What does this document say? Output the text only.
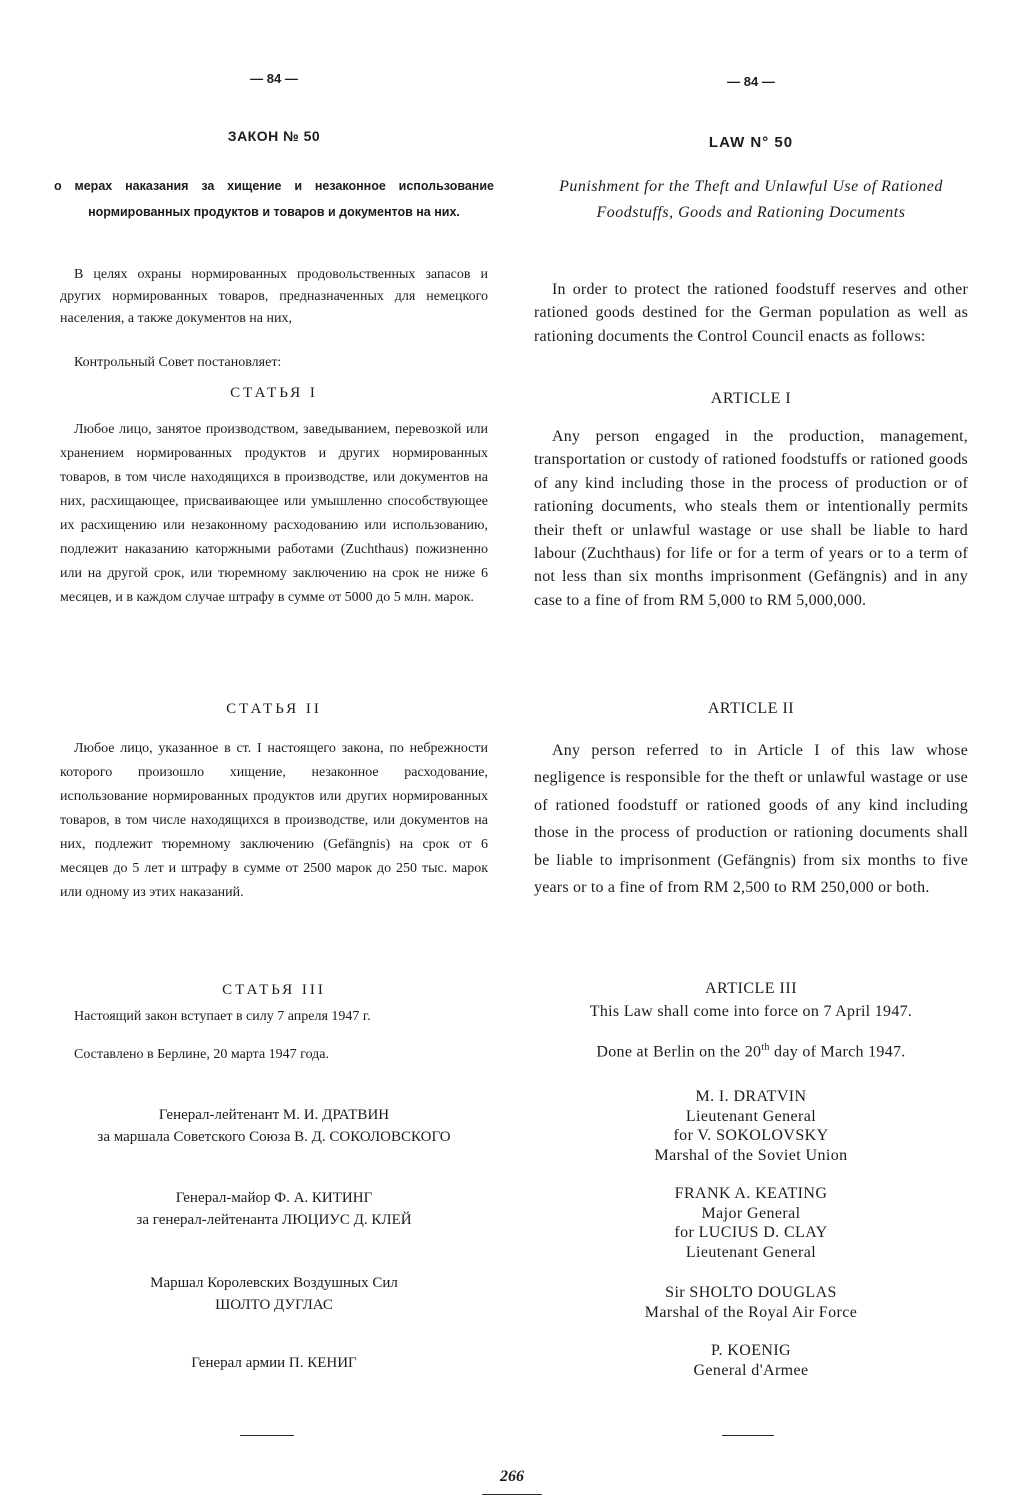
— 84 —
ЗАКОН № 50
о мерах наказания за хищение и незаконное использование нормированных продуктов и товаров и документов на них.
В целях охраны нормированных продовольственных запасов и других нормированных товаров, предназначенных для немецкого населения, а также документов на них,
Контрольный Совет постановляет:
СТАТЬЯ I
Любое лицо, занятое производством, заведыванием, перевозкой или хранением нормированных продуктов и других нормированных товаров, в том числе находящихся в производстве, или документов на них, расхищающее, присваивающее или умышленно способствующее их расхищению или незаконному расходованию или использованию, подлежит наказанию каторжными работами (Zuchthaus) пожизненно или на другой срок, или тюремному заключению на срок не ниже 6 месяцев, и в каждом случае штрафу в сумме от 5000 до 5 млн. марок.
СТАТЬЯ II
Любое лицо, указанное в ст. I настоящего закона, по небрежности которого произошло хищение, незаконное расходование, использование нормированных продуктов или других нормированных товаров, в том числе находящихся в производстве, или документов на них, подлежит тюремному заключению (Gefängnis) на срок от 6 месяцев до 5 лет и штрафу в сумме от 2500 марок до 250 тыс. марок или одному из этих наказаний.
СТАТЬЯ III
Настоящий закон вступает в силу 7 апреля 1947 г.
Составлено в Берлине, 20 марта 1947 года.
Генерал-лейтенант М. И. ДРАТВИН
за маршала Советского Союза В. Д. СОКОЛОВСКОГО
Генерал-майор Ф. А. КИТИНГ
за генерал-лейтенанта ЛЮЦИУС Д. КЛЕЙ
Маршал Королевских Воздушных Сил
ШОЛТО ДУГЛАС
Генерал армии П. КЕНИГ
— 84 —
LAW N° 50
Punishment for the Theft and Unlawful Use of Rationed Foodstuffs, Goods and Rationing Documents
In order to protect the rationed foodstuff reserves and other rationed goods destined for the German population as well as rationing documents the Control Council enacts as follows:
ARTICLE I
Any person engaged in the production, management, transportation or custody of rationed foodstuffs or rationed goods of any kind including those in the process of production or of rationing documents, who steals them or intentionally permits their theft or unlawful wastage or use shall be liable to hard labour (Zuchthaus) for life or for a term of years or to a term of not less than six months imprisonment (Gefängnis) and in any case to a fine of from RM 5,000 to RM 5,000,000.
ARTICLE II
Any person referred to in Article I of this law whose negligence is responsible for the theft or unlawful wastage or use of rationed foodstuff or rationed goods of any kind including those in the process of production or rationing documents shall be liable to imprisonment (Gefängnis) from six months to five years or to a fine of from RM 2,500 to RM 250,000 or both.
ARTICLE III
This Law shall come into force on 7 April 1947.
Done at Berlin on the 20th day of March 1947.
M. I. DRATVIN
Lieutenant General
for V. SOKOLOVSKY
Marshal of the Soviet Union
FRANK A. KEATING
Major General
for LUCIUS D. CLAY
Lieutenant General
Sir SHOLTO DOUGLAS
Marshal of the Royal Air Force
P. KOENIG
General d'Armee
266
